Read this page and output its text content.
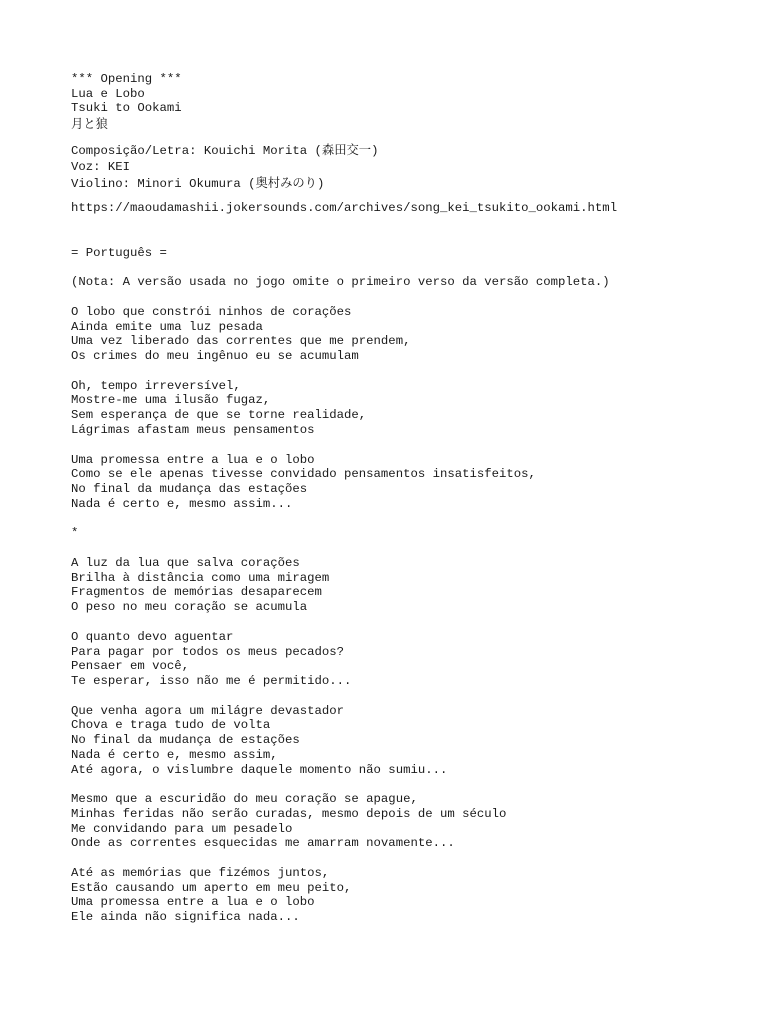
*** Opening ***
Lua e Lobo
Tsuki to Ookami
月と狼
Composição/Letra: Kouichi Morita (森田交一)
Voz: KEI
Violino: Minori Okumura (奥村みのり)
https://maoudamashii.jokersounds.com/archives/song_kei_tsukito_ookami.html
= Português =
(Nota: A versão usada no jogo omite o primeiro verso da versão completa.)
O lobo que constrói ninhos de corações
Ainda emite uma luz pesada
Uma vez liberado das correntes que me prendem,
Os crimes do meu ingênuo eu se acumulam
Oh, tempo irreversível,
Mostre-me uma ilusão fugaz,
Sem esperança de que se torne realidade,
Lágrimas afastam meus pensamentos
Uma promessa entre a lua e o lobo
Como se ele apenas tivesse convidado pensamentos insatisfeitos,
No final da mudança das estações
Nada é certo e, mesmo assim...
*
A luz da lua que salva corações
Brilha à distância como uma miragem
Fragmentos de memórias desaparecem
O peso no meu coração se acumula
O quanto devo aguentar
Para pagar por todos os meus pecados?
Pensaer em você,
Te esperar, isso não me é permitido...
Que venha agora um milágre devastador
Chova e traga tudo de volta
No final da mudança de estações
Nada é certo e, mesmo assim,
Até agora, o vislumbre daquele momento não sumiu...
Mesmo que a escuridão do meu coração se apague,
Minhas feridas não serão curadas, mesmo depois de um século
Me convidando para um pesadelo
Onde as correntes esquecidas me amarram novamente...
Até as memórias que fizémos juntos,
Estão causando um aperto em meu peito,
Uma promessa entre a lua e o lobo
Ele ainda não significa nada...
